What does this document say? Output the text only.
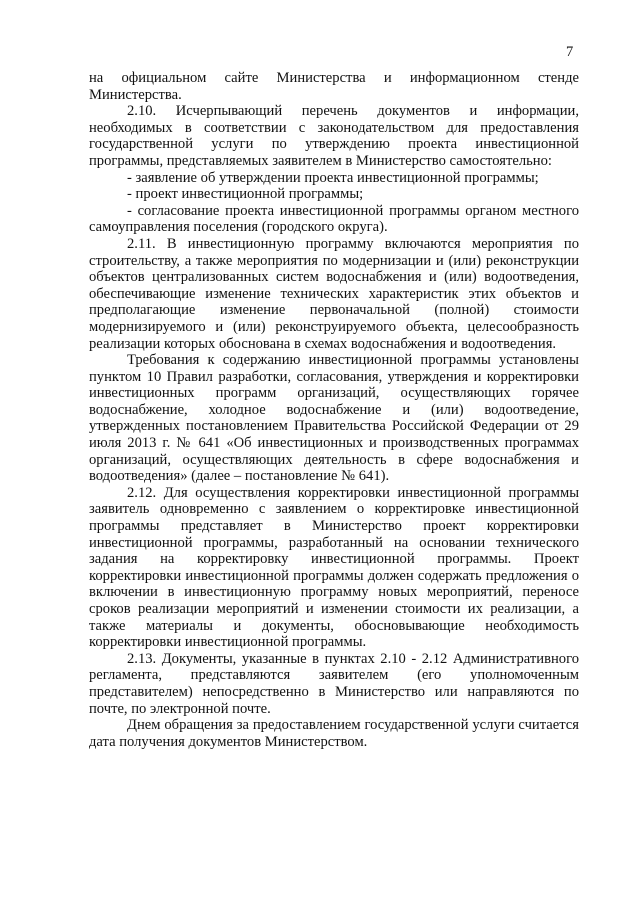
7

на официальном сайте Министерства и информационном стенде Министерства.

2.10. Исчерпывающий перечень документов и информации, необходимых в соответствии с законодательством для предоставления государственной услуги по утверждению проекта инвестиционной программы, представляемых заявителем в Министерство самостоятельно:

- заявление об утверждении проекта инвестиционной программы;

- проект инвестиционной программы;

- согласование проекта инвестиционной программы органом местного самоуправления поселения (городского округа).

2.11. В инвестиционную программу включаются мероприятия по строительству, а также мероприятия по модернизации и (или) реконструкции объектов централизованных систем водоснабжения и (или) водоотведения, обеспечивающие изменение технических характеристик этих объектов и предполагающие изменение первоначальной (полной) стоимости модернизируемого и (или) реконструируемого объекта, целесообразность реализации которых обоснована в схемах водоснабжения и водоотведения.

Требования к содержанию инвестиционной программы установлены пунктом 10 Правил разработки, согласования, утверждения и корректировки инвестиционных программ организаций, осуществляющих горячее водоснабжение, холодное водоснабжение и (или) водоотведение, утвержденных постановлением Правительства Российской Федерации от 29 июля 2013 г. № 641 «Об инвестиционных и производственных программах организаций, осуществляющих деятельность в сфере водоснабжения и водоотведения» (далее – постановление № 641).

2.12. Для осуществления корректировки инвестиционной программы заявитель одновременно с заявлением о корректировке инвестиционной программы представляет в Министерство проект корректировки инвестиционной программы, разработанный на основании технического задания на корректировку инвестиционной программы. Проект корректировки инвестиционной программы должен содержать предложения о включении в инвестиционную программу новых мероприятий, переносе сроков реализации мероприятий и изменении стоимости их реализации, а также материалы и документы, обосновывающие необходимость корректировки инвестиционной программы.

2.13. Документы, указанные в пунктах 2.10 - 2.12 Административного регламента, представляются заявителем (его уполномоченным представителем) непосредственно в Министерство или направляются по почте, по электронной почте.

Днем обращения за предоставлением государственной услуги считается дата получения документов Министерством.
